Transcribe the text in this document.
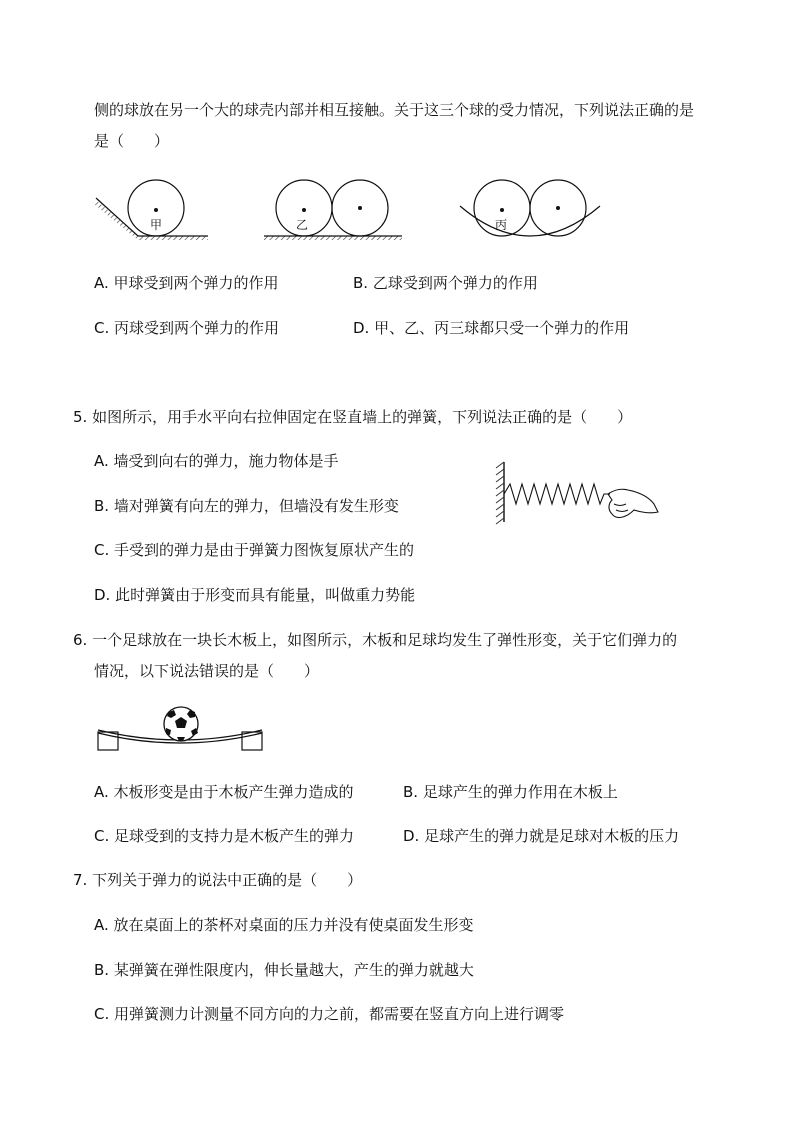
侧的球放在另一个大的球壳内部并相互接触。关于这三个球的受力情况，下列说法正确的是
是（　　）
甲	乙	丙
A. 甲球受到两个弹力的作用	B. 乙球受到两个弹力的作用
C. 丙球受到两个弹力的作用	D. 甲、乙、丙三球都只受一个弹力的作用
5. 如图所示，用手水平向右拉伸固定在竖直墙上的弹簧，下列说法正确的是（　　）
A. 墙受到向右的弹力，施力物体是手
B. 墙对弹簧有向左的弹力，但墙没有发生形变
C. 手受到的弹力是由于弹簧力图恢复原状产生的
D. 此时弹簧由于形变而具有能量，叫做重力势能
6. 一个足球放在一块长木板上，如图所示，木板和足球均发生了弹性形变，关于它们弹力的
情况，以下说法错误的是（　　）
A. 木板形变是由于木板产生弹力造成的	B. 足球产生的弹力作用在木板上
C. 足球受到的支持力是木板产生的弹力	D. 足球产生的弹力就是足球对木板的压力
7. 下列关于弹力的说法中正确的是（　　）
A. 放在桌面上的茶杯对桌面的压力并没有使桌面发生形变
B. 某弹簧在弹性限度内，伸长量越大，产生的弹力就越大
C. 用弹簧测力计测量不同方向的力之前，都需要在竖直方向上进行调零
